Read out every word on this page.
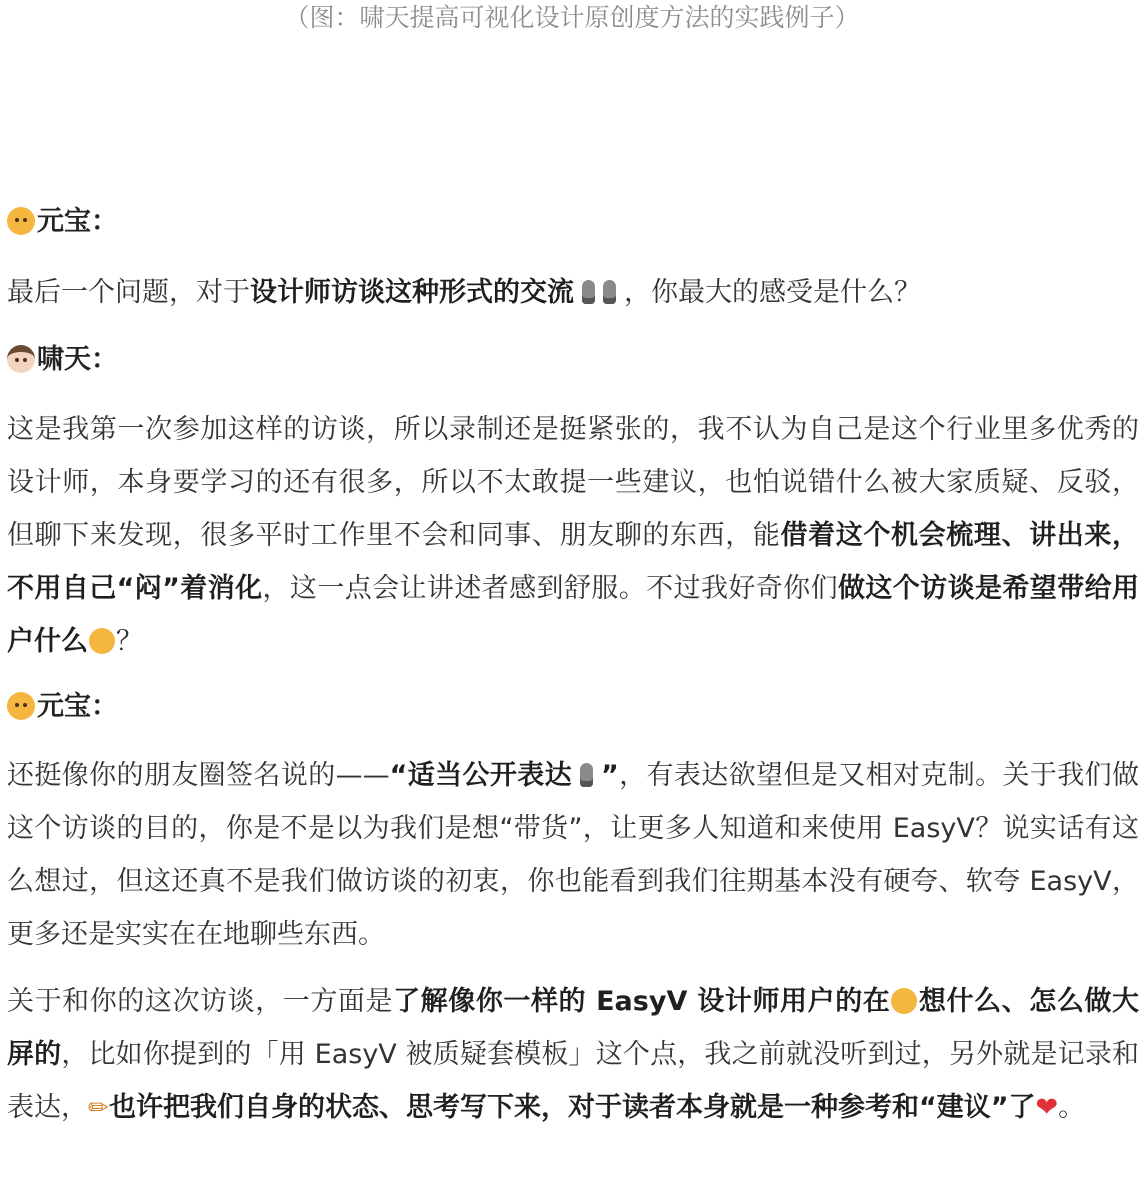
（图：啸天提高可视化设计原创度方法的实践例子）
元宝：

最后一个问题，对于设计师访谈这种形式的交流 ，你最大的感受是什么？

啸天：

这是我第一次参加这样的访谈，所以录制还是挺紧张的，我不认为自己是这个行业里多优秀的设计师，本身要学习的还有很多，所以不太敢提一些建议，也怕说错什么被大家质疑、反驳，但聊下来发现，很多平时工作里不会和同事、朋友聊的东西，能借着这个机会梳理、讲出来，不用自己“闷”着消化，这一点会让讲述者感到舒服。不过我好奇你们做这个访谈是希望带给用户什么 ？

元宝：

还挺像你的朋友圈签名说的——“适当公开表达 ”，有表达欲望但是又相对克制。关于我们做这个访谈的目的，你是不是以为我们是想“带货”，让更多人知道和来使用 EasyV？说实话有这么想过，但这还真不是我们做访谈的初衷，你也能看到我们往期基本没有硬夸、软夸 EasyV，更多还是实实在在地聊些东西。

关于和你的这次访谈，一方面是了解像你一样的 EasyV 设计师用户的在 想什么、怎么做大屏的，比如你提到的「用 EasyV 被质疑套模板」这个点，我之前就没听到过，另外就是记录和表达，✏也许把我们自身的状态、思考写下来，对于读者本身就是一种参考和“建议”了❤。
